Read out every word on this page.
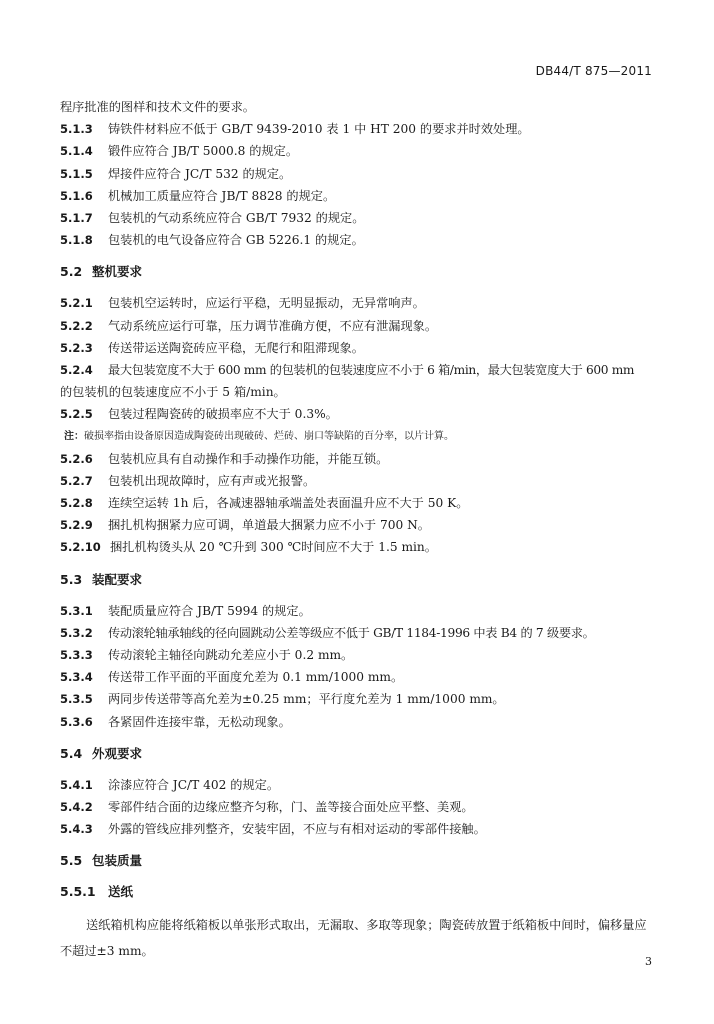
DB44/T 875—2011
程序批准的图样和技术文件的要求。
5.1.3 铸铁件材料应不低于 GB/T 9439-2010 表 1 中 HT 200 的要求并时效处理。
5.1.4 锻件应符合 JB/T 5000.8 的规定。
5.1.5 焊接件应符合 JC/T 532 的规定。
5.1.6 机械加工质量应符合 JB/T 8828 的规定。
5.1.7 包装机的气动系统应符合 GB/T 7932 的规定。
5.1.8 包装机的电气设备应符合 GB 5226.1 的规定。
5.2 整机要求
5.2.1 包装机空运转时，应运行平稳，无明显振动，无异常响声。
5.2.2 气动系统应运行可靠，压力调节准确方便，不应有泄漏现象。
5.2.3 传送带运送陶瓷砖应平稳，无爬行和阻滞现象。
5.2.4 最大包装宽度不大于 600 mm 的包装机的包装速度应不小于 6 箱/min，最大包装宽度大于 600 mm
的包装机的包装速度应不小于 5 箱/min。
5.2.5 包装过程陶瓷砖的破损率应不大于 0.3%。
注：破损率指由设备原因造成陶瓷砖出现破砖、烂砖、崩口等缺陷的百分率，以片计算。
5.2.6 包装机应具有自动操作和手动操作功能，并能互锁。
5.2.7 包装机出现故障时，应有声或光报警。
5.2.8 连续空运转 1h 后，各减速器轴承端盖处表面温升应不大于 50 K。
5.2.9 捆扎机构捆紧力应可调，单道最大捆紧力应不小于 700 N。
5.2.10 捆扎机构烫头从 20 ℃升到 300 ℃时间应不大于 1.5 min。
5.3 装配要求
5.3.1 装配质量应符合 JB/T 5994 的规定。
5.3.2 传动滚轮轴承轴线的径向圆跳动公差等级应不低于 GB/T 1184-1996 中表 B4 的 7 级要求。
5.3.3 传动滚轮主轴径向跳动允差应小于 0.2 mm。
5.3.4 传送带工作平面的平面度允差为 0.1 mm/1000 mm。
5.3.5 两同步传送带等高允差为±0.25 mm；平行度允差为 1 mm/1000 mm。
5.3.6 各紧固件连接牢靠，无松动现象。
5.4 外观要求
5.4.1 涂漆应符合 JC/T 402 的规定。
5.4.2 零部件结合面的边缘应整齐匀称，门、盖等接合面处应平整、美观。
5.4.3 外露的管线应排列整齐，安装牢固，不应与有相对运动的零部件接触。
5.5 包装质量
5.5.1 送纸
送纸箱机构应能将纸箱板以单张形式取出，无漏取、多取等现象；陶瓷砖放置于纸箱板中间时，偏移量应不超过±3 mm。
3
